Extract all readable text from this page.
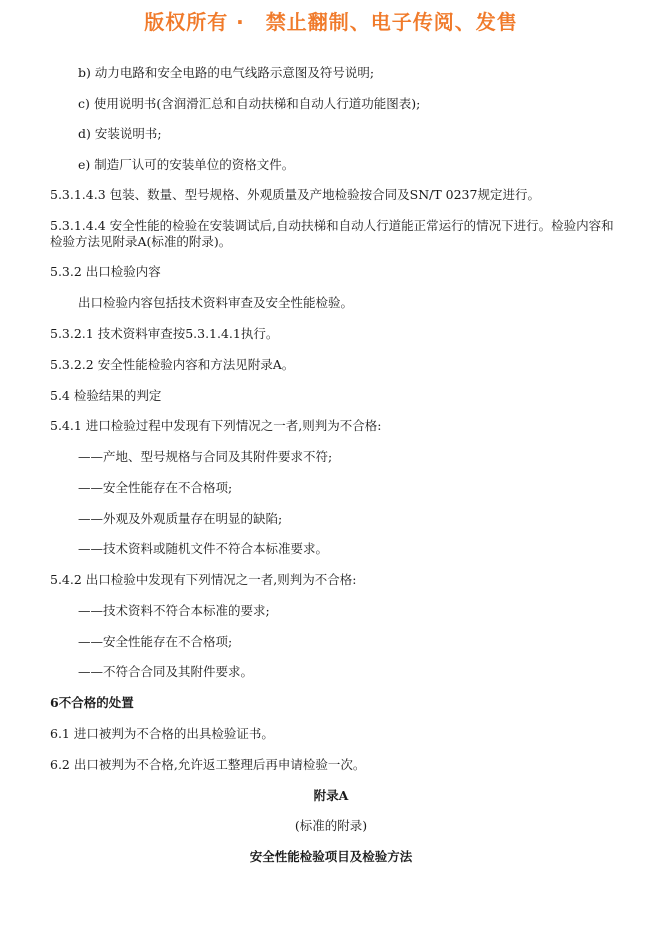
版权所有 ·　禁止翻制、电子传阅、发售
b) 动力电路和安全电路的电气线路示意图及符号说明;
c) 使用说明书(含润滑汇总和自动扶梯和自动人行道功能图表);
d) 安装说明书;
e) 制造厂认可的安装单位的资格文件。
5.3.1.4.3 包装、数量、型号规格、外观质量及产地检验按合同及SN/T 0237规定进行。
5.3.1.4.4 安全性能的检验在安装调试后,自动扶梯和自动人行道能正常运行的情况下进行。检验内容和检验方法见附录A(标准的附录)。
5.3.2 出口检验内容
出口检验内容包括技术资料审查及安全性能检验。
5.3.2.1 技术资料审查按5.3.1.4.1执行。
5.3.2.2 安全性能检验内容和方法见附录A。
5.4 检验结果的判定
5.4.1 进口检验过程中发现有下列情况之一者,则判为不合格:
——产地、型号规格与合同及其附件要求不符;
——安全性能存在不合格项;
——外观及外观质量存在明显的缺陷;
——技术资料或随机文件不符合本标准要求。
5.4.2 出口检验中发现有下列情况之一者,则判为不合格:
——技术资料不符合本标准的要求;
——安全性能存在不合格项;
——不符合合同及其附件要求。
6不合格的处置
6.1 进口被判为不合格的出具检验证书。
6.2 出口被判为不合格,允许返工整理后再申请检验一次。
附录A
(标准的附录)
安全性能检验项目及检验方法
